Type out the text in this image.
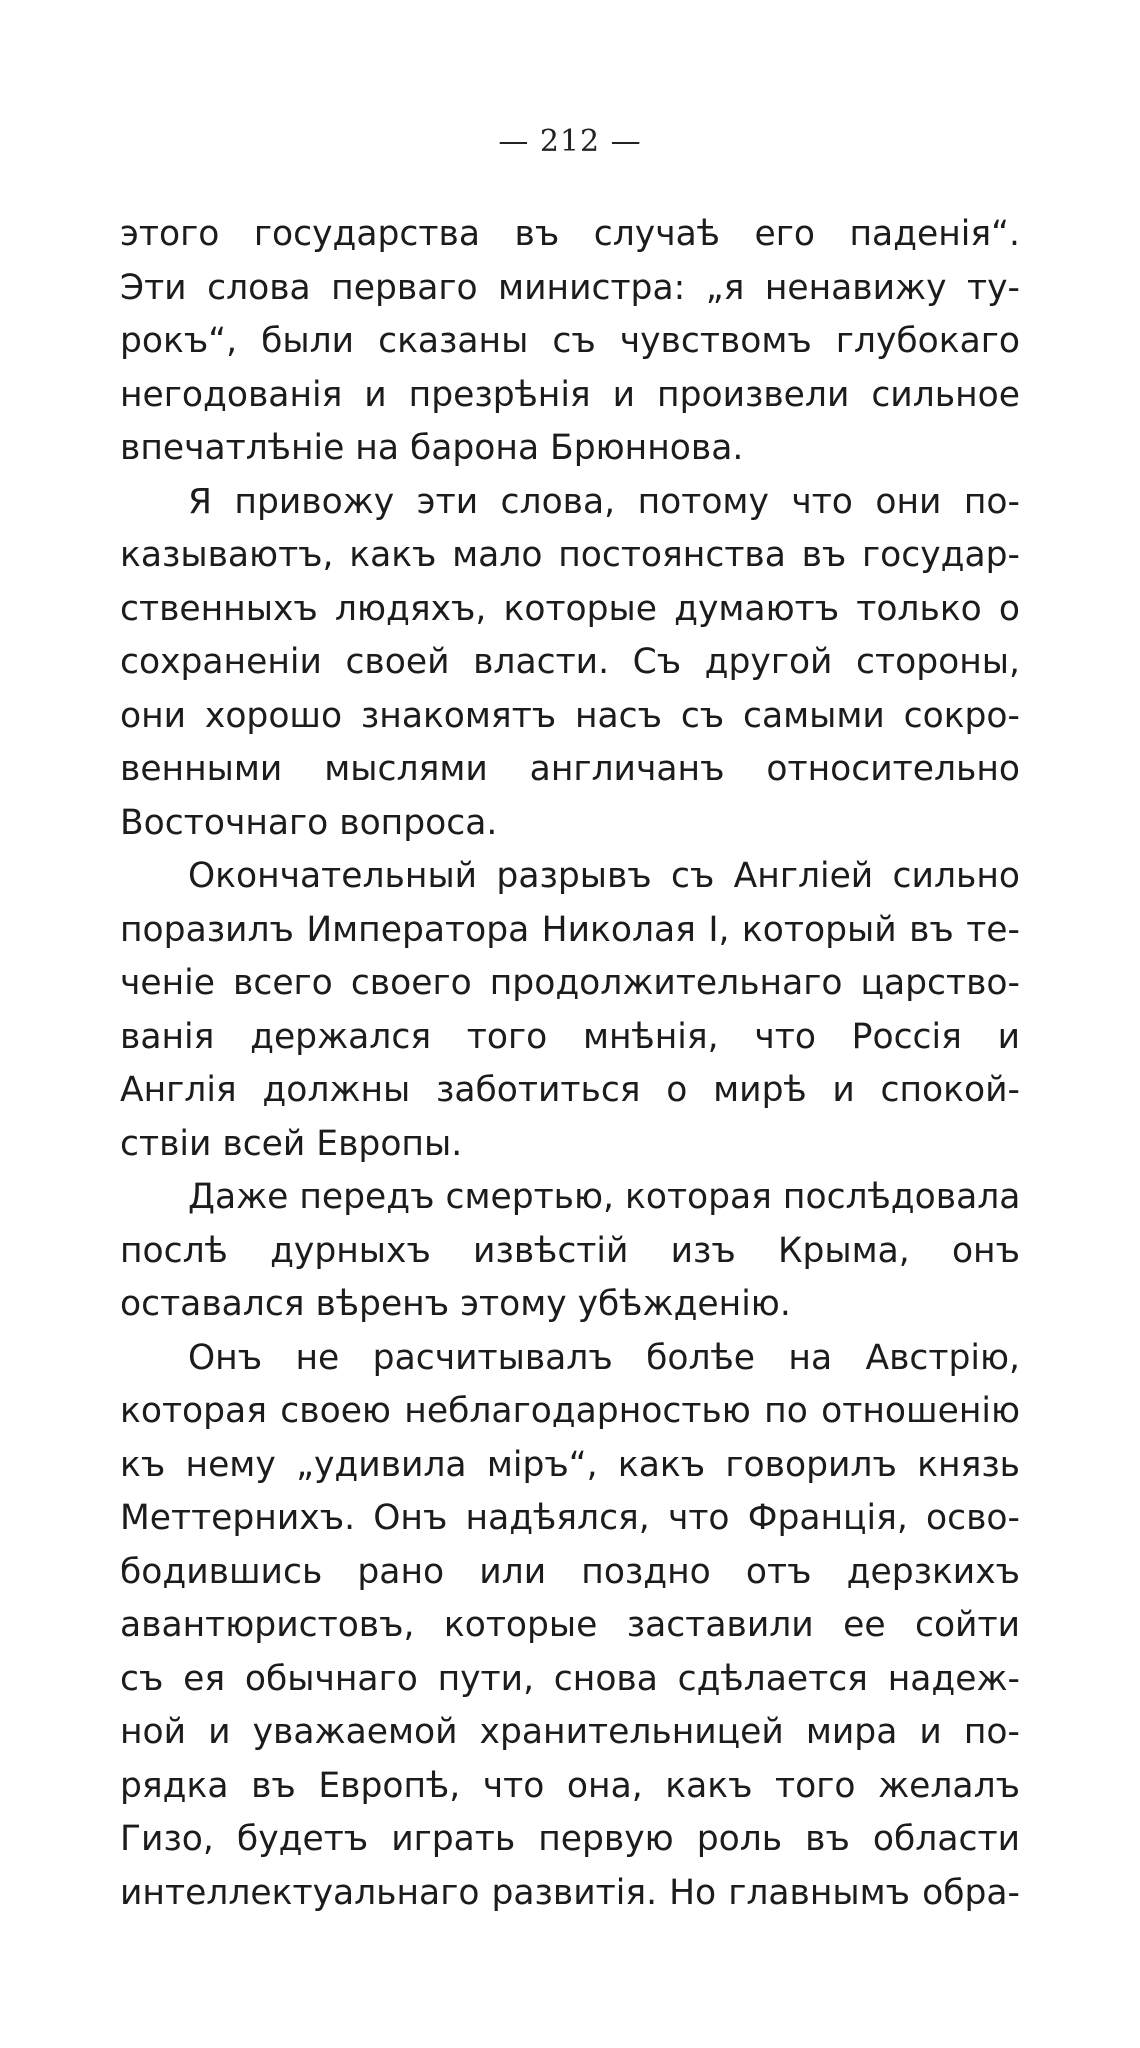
— 212 —
этого государства въ случаѣ его паденія“.
Эти слова перваго министра: „я ненавижу ту-
рокъ“, были сказаны съ чувствомъ глубокаго
негодованія и презрѣнія и произвели сильное
впечатлѣніе на барона Брюннова.
Я привожу эти слова, потому что они по-
казываютъ, какъ мало постоянства въ государ-
ственныхъ людяхъ, которые думаютъ только о
сохраненіи своей власти. Съ другой стороны,
они хорошо знакомятъ насъ съ самыми сокро-
венными мыслями англичанъ относительно
Восточнаго вопроса.
Окончательный разрывъ съ Англіей сильно
поразилъ Императора Николая I, который въ те-
ченіе всего своего продолжительнаго царство-
ванія держался того мнѣнія, что Россія и
Англія должны заботиться о мирѣ и спокой-
ствіи всей Европы.
Даже передъ смертью, которая послѣдовала
послѣ дурныхъ извѣстій изъ Крыма, онъ
оставался вѣренъ этому убѣжденію.
Онъ не расчитывалъ болѣе на Австрію,
которая своею неблагодарностью по отношенію
къ нему „удивила міръ“, какъ говорилъ князь
Меттернихъ. Онъ надѣялся, что Франція, осво-
бодившись рано или поздно отъ дерзкихъ
авантюристовъ, которые заставили ее сойти
съ ея обычнаго пути, снова сдѣлается надеж-
ной и уважаемой хранительницей мира и по-
рядка въ Европѣ, что она, какъ того желалъ
Гизо, будетъ играть первую роль въ области
интеллектуальнаго развитія. Но главнымъ обра-
